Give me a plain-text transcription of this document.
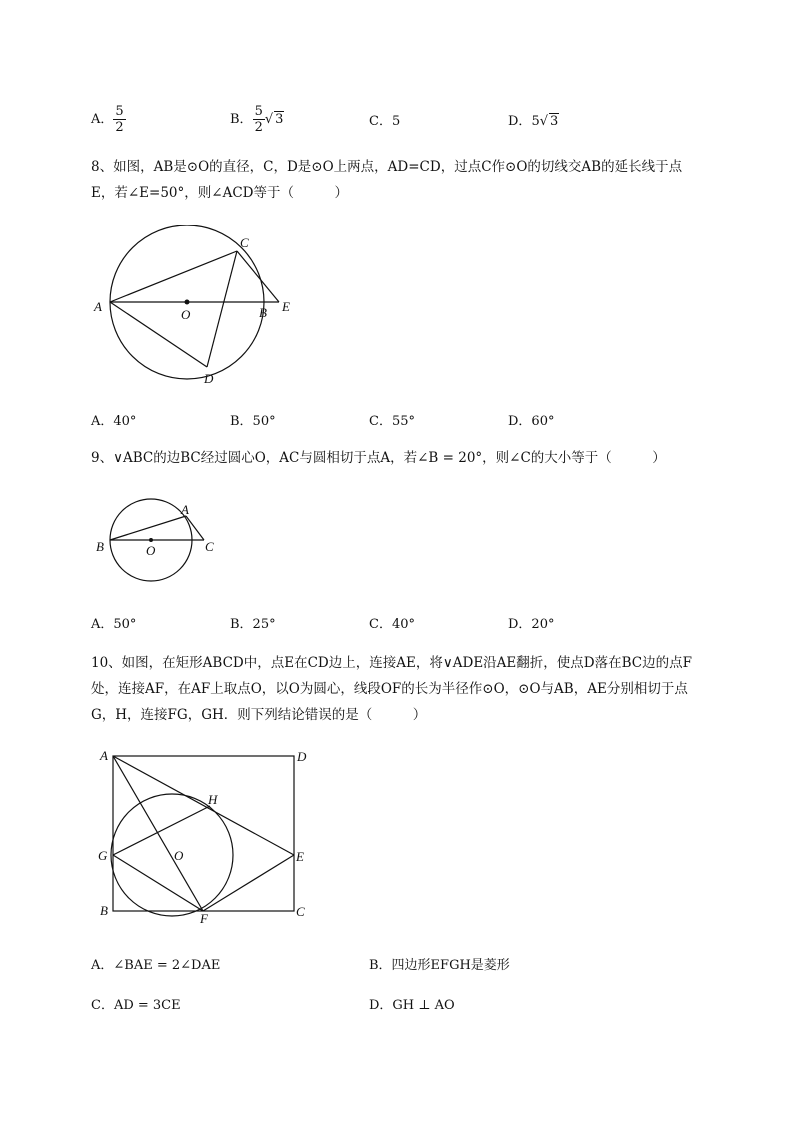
A． $\frac{5}{2}$	B． $\frac{5}{2}$ √ 3	C．5	D．5√ 3
8、如图，AB是⊙O的直径，C，D是⊙O上两点，AD=CD，过点C作⊙O的切线交AB的延长线于点
E，若∠E=50°，则∠ACD等于（　　　）
A
C
O	B E
D
A．40°	B．50°	C．55°	D．60°
9、∨ABC的边BC经过圆心O，AC与圆相切于点A，若∠B = 20°，则∠C的大小等于（　　　）
B
A
O	C
A．50°	B．25°	C．40°	D．20°
10、如图，在矩形ABCD中，点E在CD边上，连接AE，将∨ADE沿AE翻折，使点D落在BC边的点F
处，连接AF，在AF上取点O，以O为圆心，线段OF的长为半径作⊙O，⊙O与AB，AE分别相切于点
G，H，连接FG，GH．则下列结论错误的是（　　　）
A	D
H
G	O	E
B
F	C
A．∠BAE = 2∠DAE	B．四边形EFGH是菱形
C．AD = 3CE	D．GH ⊥ AO
